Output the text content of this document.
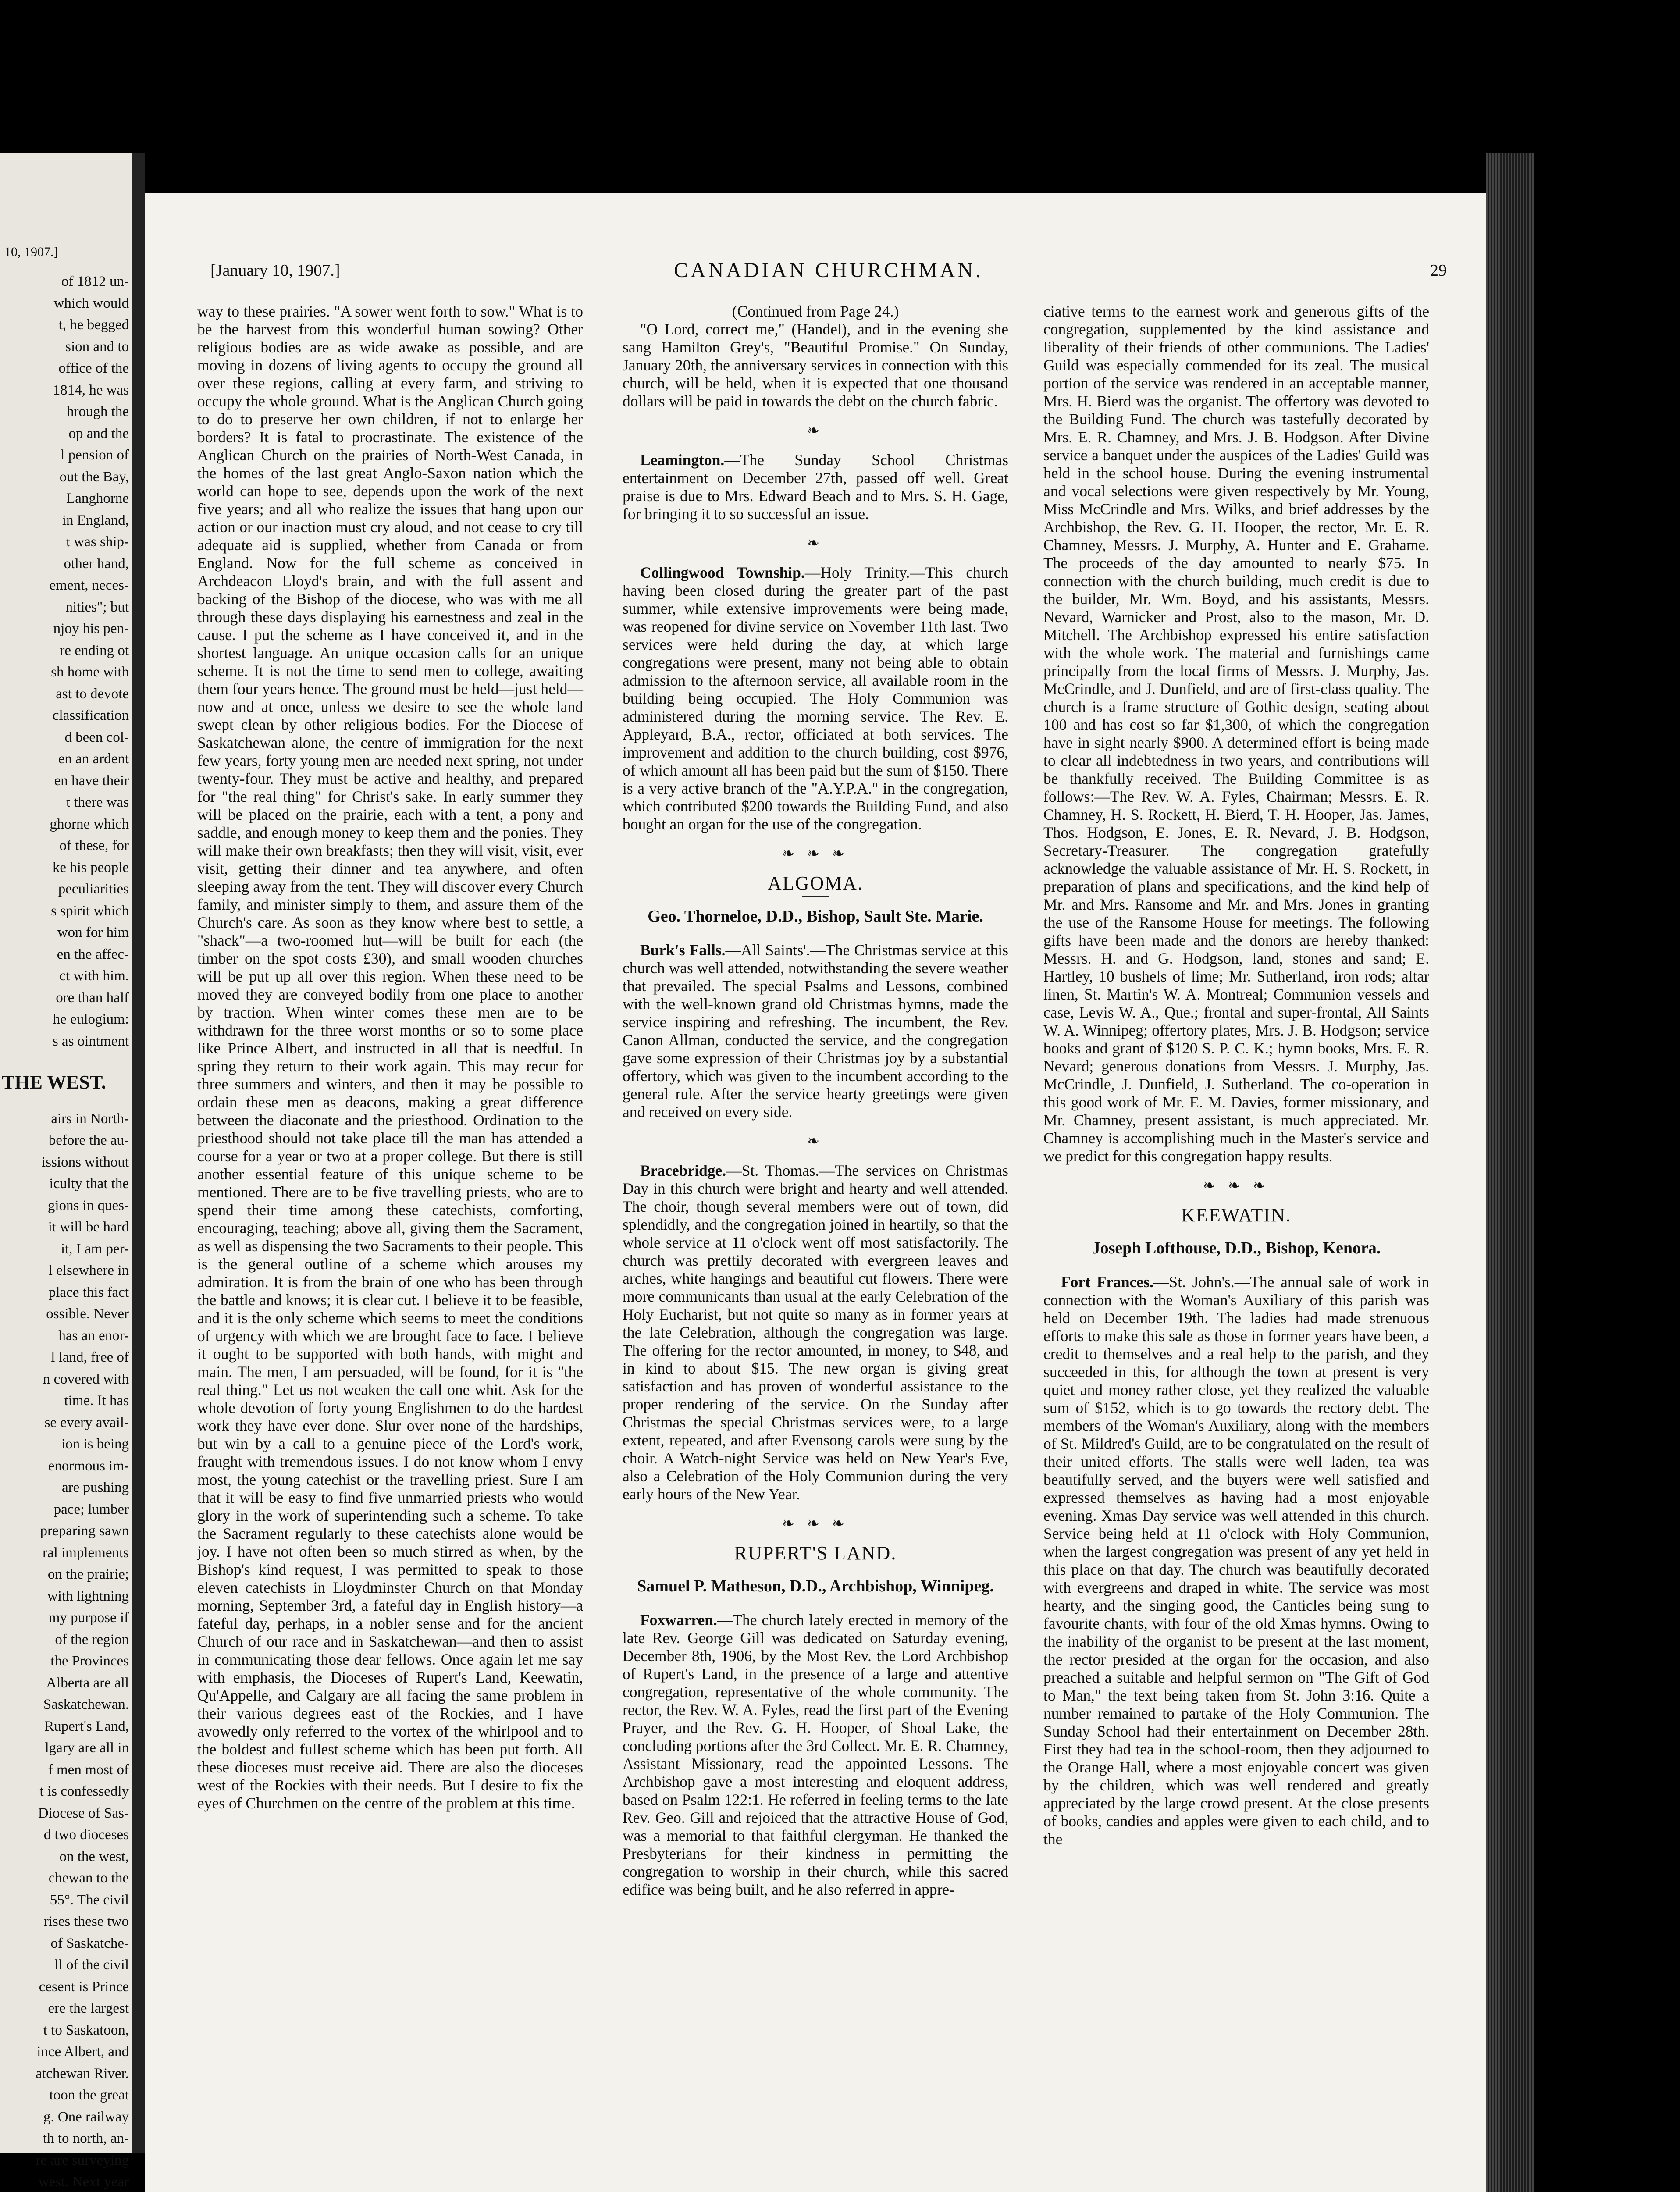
10, 1907.]
of 1812 un-
which would
t, he begged
sion and to
office of the
1814, he was
hrough the
op and the
l pension of
out the Bay,
Langhorne
in England,
t was ship-
other hand,
ement, neces-
nities"; but
njoy his pen-
re ending ot
sh home with
ast to devote
classification
d been col-
en an ardent
en have their
t there was
ghorne which
of these, for
ke his people
peculiarities
s spirit which
won for him
en the affec-
ct with him.
ore than half
he eulogium:
s as ointment
THE WEST.
airs in North-
before the au-
issions without
iculty that the
gions in ques-
it will be hard
it, I am per-
l elsewhere in
place this fact
ossible. Never
has an enor-
l land, free of
n covered with
time. It has
se every avail-
ion is being
enormous im-
are pushing
pace; lumber
preparing sawn
ral implements
on the prairie;
with lightning
my purpose if
of the region
the Provinces
Alberta are all
Saskatchewan.
Rupert's Land,
lgary are all in
f men most of
t is confessedly
Diocese of Sas-
d two dioceses
on the west,
chewan to the
55°. The civil
rises these two
of Saskatche-
ll of the civil
cesent is Prince
ere the largest
t to Saskatoon,
ince Albert, and
atchewan River.
toon the great
g. One railway
th to north, an-
re are surveying
west. Next year
[January 10, 1907.]	CANADIAN CHURCHMAN.	29

way to these prairies. "A sower went forth to sow." What is to be the harvest from this wonderful human sowing? Other religious bodies are as wide awake as possible, and are moving in dozens of living agents to occupy the ground all over these regions, calling at every farm, and striving to occupy the whole ground. What is the Anglican Church going to do to preserve her own children, if not to enlarge her borders? It is fatal to procrastinate. The existence of the Anglican Church on the prairies of North-West Canada, in the homes of the last great Anglo-Saxon nation which the world can hope to see, depends upon the work of the next five years; and all who realize the issues that hang upon our action or our inaction must cry aloud, and not cease to cry till adequate aid is supplied, whether from Canada or from England. Now for the full scheme as conceived in Archdeacon Lloyd's brain, and with the full assent and backing of the Bishop of the diocese, who was with me all through these days displaying his earnestness and zeal in the cause. I put the scheme as I have conceived it, and in the shortest language. An unique occasion calls for an unique scheme. It is not the time to send men to college, awaiting them four years hence. The ground must be held—just held—now and at once, unless we desire to see the whole land swept clean by other religious bodies. For the Diocese of Saskatchewan alone, the centre of immigration for the next few years, forty young men are needed next spring, not under twenty-four. They must be active and healthy, and prepared for "the real thing" for Christ's sake. In early summer they will be placed on the prairie, each with a tent, a pony and saddle, and enough money to keep them and the ponies. They will make their own breakfasts; then they will visit, visit, ever visit, getting their dinner and tea anywhere, and often sleeping away from the tent. They will discover every Church family, and minister simply to them, and assure them of the Church's care. As soon as they know where best to settle, a "shack"—a two-roomed hut—will be built for each (the timber on the spot costs £30), and small wooden churches will be put up all over this region. When these need to be moved they are conveyed bodily from one place to another by traction. When winter comes these men are to be withdrawn for the three worst months or so to some place like Prince Albert, and instructed in all that is needful. In spring they return to their work again. This may recur for three summers and winters, and then it may be possible to ordain these men as deacons, making a great difference between the diaconate and the priesthood. Ordination to the priesthood should not take place till the man has attended a course for a year or two at a proper college. But there is still another essential feature of this unique scheme to be mentioned. There are to be five travelling priests, who are to spend their time among these catechists, comforting, encouraging, teaching; above all, giving them the Sacrament, as well as dispensing the two Sacraments to their people. This is the general outline of a scheme which arouses my admiration. It is from the brain of one who has been through the battle and knows; it is clear cut. I believe it to be feasible, and it is the only scheme which seems to meet the conditions of urgency with which we are brought face to face. I believe it ought to be supported with both hands, with might and main. The men, I am persuaded, will be found, for it is "the real thing." Let us not weaken the call one whit. Ask for the whole devotion of forty young Englishmen to do the hardest work they have ever done. Slur over none of the hardships, but win by a call to a genuine piece of the Lord's work, fraught with tremendous issues. I do not know whom I envy most, the young catechist or the travelling priest. Sure I am that it will be easy to find five unmarried priests who would glory in the work of superintending such a scheme. To take the Sacrament regularly to these catechists alone would be joy. I have not often been so much stirred as when, by the Bishop's kind request, I was permitted to speak to those eleven catechists in Lloydminster Church on that Monday morning, September 3rd, a fateful day in English history—a fateful day, perhaps, in a nobler sense and for the ancient Church of our race and in Saskatchewan—and then to assist in communicating those dear fellows. Once again let me say with emphasis, the Dioceses of Rupert's Land, Keewatin, Qu'Appelle, and Calgary are all facing the same problem in their various degrees east of the Rockies, and I have avowedly only referred to the vortex of the whirlpool and to the boldest and fullest scheme which has been put forth. All these dioceses must receive aid. There are also the dioceses west of the Rockies with their needs. But I desire to fix the eyes of Churchmen on the centre of the problem at this time.

(Continued from Page 24.)

"O Lord, correct me," (Handel), and in the evening she sang Hamilton Grey's, "Beautiful Promise." On Sunday, January 20th, the anniversary services in connection with this church, will be held, when it is expected that one thousand dollars will be paid in towards the debt on the church fabric.

❧

Leamington.—The Sunday School Christmas entertainment on December 27th, passed off well. Great praise is due to Mrs. Edward Beach and to Mrs. S. H. Gage, for bringing it to so successful an issue.

❧

Collingwood Township.—Holy Trinity.—This church having been closed during the greater part of the past summer, while extensive improvements were being made, was reopened for divine service on November 11th last. Two services were held during the day, at which large congregations were present, many not being able to obtain admission to the afternoon service, all available room in the building being occupied. The Holy Communion was administered during the morning service. The Rev. E. Appleyard, B.A., rector, officiated at both services. The improvement and addition to the church building, cost $976, of which amount all has been paid but the sum of $150. There is a very active branch of the "A.Y.P.A." in the congregation, which contributed $200 towards the Building Fund, and also bought an organ for the use of the congregation.

❧ ❧ ❧
ALGOMA.
Geo. Thorneloe, D.D., Bishop, Sault Ste. Marie.

Burk's Falls.—All Saints'.—The Christmas service at this church was well attended, notwithstanding the severe weather that prevailed. The special Psalms and Lessons, combined with the well-known grand old Christmas hymns, made the service inspiring and refreshing. The incumbent, the Rev. Canon Allman, conducted the service, and the congregation gave some expression of their Christmas joy by a substantial offertory, which was given to the incumbent according to the general rule. After the service hearty greetings were given and received on every side.

❧

Bracebridge.—St. Thomas.—The services on Christmas Day in this church were bright and hearty and well attended. The choir, though several members were out of town, did splendidly, and the congregation joined in heartily, so that the whole service at 11 o'clock went off most satisfactorily. The church was prettily decorated with evergreen leaves and arches, white hangings and beautiful cut flowers. There were more communicants than usual at the early Celebration of the Holy Eucharist, but not quite so many as in former years at the late Celebration, although the congregation was large. The offering for the rector amounted, in money, to $48, and in kind to about $15. The new organ is giving great satisfaction and has proven of wonderful assistance to the proper rendering of the service. On the Sunday after Christmas the special Christmas services were, to a large extent, repeated, and after Evensong carols were sung by the choir. A Watch-night Service was held on New Year's Eve, also a Celebration of the Holy Communion during the very early hours of the New Year.

❧ ❧ ❧
RUPERT'S LAND.
Samuel P. Matheson, D.D., Archbishop, Winnipeg.

Foxwarren.—The church lately erected in memory of the late Rev. George Gill was dedicated on Saturday evening, December 8th, 1906, by the Most Rev. the Lord Archbishop of Rupert's Land, in the presence of a large and attentive congregation, representative of the whole community. The rector, the Rev. W. A. Fyles, read the first part of the Evening Prayer, and the Rev. G. H. Hooper, of Shoal Lake, the concluding portions after the 3rd Collect. Mr. E. R. Chamney, Assistant Missionary, read the appointed Lessons. The Archbishop gave a most interesting and eloquent address, based on Psalm 122:1. He referred in feeling terms to the late Rev. Geo. Gill and rejoiced that the attractive House of God, was a memorial to that faithful clergyman. He thanked the Presbyterians for their kindness in permitting the congregation to worship in their church, while this sacred edifice was being built, and he also referred in appre-

ciative terms to the earnest work and generous gifts of the congregation, supplemented by the kind assistance and liberality of their friends of other communions. The Ladies' Guild was especially commended for its zeal. The musical portion of the service was rendered in an acceptable manner, Mrs. H. Bierd was the organist. The offertory was devoted to the Building Fund. The church was tastefully decorated by Mrs. E. R. Chamney, and Mrs. J. B. Hodgson. After Divine service a banquet under the auspices of the Ladies' Guild was held in the school house. During the evening instrumental and vocal selections were given respectively by Mr. Young, Miss McCrindle and Mrs. Wilks, and brief addresses by the Archbishop, the Rev. G. H. Hooper, the rector, Mr. E. R. Chamney, Messrs. J. Murphy, A. Hunter and E. Grahame. The proceeds of the day amounted to nearly $75. In connection with the church building, much credit is due to the builder, Mr. Wm. Boyd, and his assistants, Messrs. Nevard, Warnicker and Prost, also to the mason, Mr. D. Mitchell. The Archbishop expressed his entire satisfaction with the whole work. The material and furnishings came principally from the local firms of Messrs. J. Murphy, Jas. McCrindle, and J. Dunfield, and are of first-class quality. The church is a frame structure of Gothic design, seating about 100 and has cost so far $1,300, of which the congregation have in sight nearly $900. A determined effort is being made to clear all indebtedness in two years, and contributions will be thankfully received. The Building Committee is as follows:—The Rev. W. A. Fyles, Chairman; Messrs. E. R. Chamney, H. S. Rockett, H. Bierd, T. H. Hooper, Jas. James, Thos. Hodgson, E. Jones, E. R. Nevard, J. B. Hodgson, Secretary-Treasurer. The congregation gratefully acknowledge the valuable assistance of Mr. H. S. Rockett, in preparation of plans and specifications, and the kind help of Mr. and Mrs. Ransome and Mr. and Mrs. Jones in granting the use of the Ransome House for meetings. The following gifts have been made and the donors are hereby thanked: Messrs. H. and G. Hodgson, land, stones and sand; E. Hartley, 10 bushels of lime; Mr. Sutherland, iron rods; altar linen, St. Martin's W. A. Montreal; Communion vessels and case, Levis W. A., Que.; frontal and super-frontal, All Saints W. A. Winnipeg; offertory plates, Mrs. J. B. Hodgson; service books and grant of $120 S. P. C. K.; hymn books, Mrs. E. R. Nevard; generous donations from Messrs. J. Murphy, Jas. McCrindle, J. Dunfield, J. Sutherland. The co-operation in this good work of Mr. E. M. Davies, former missionary, and Mr. Chamney, present assistant, is much appreciated. Mr. Chamney is accomplishing much in the Master's service and we predict for this congregation happy results.

❧ ❧ ❧
KEEWATIN.
Joseph Lofthouse, D.D., Bishop, Kenora.

Fort Frances.—St. John's.—The annual sale of work in connection with the Woman's Auxiliary of this parish was held on December 19th. The ladies had made strenuous efforts to make this sale as those in former years have been, a credit to themselves and a real help to the parish, and they succeeded in this, for although the town at present is very quiet and money rather close, yet they realized the valuable sum of $152, which is to go towards the rectory debt. The members of the Woman's Auxiliary, along with the members of St. Mildred's Guild, are to be congratulated on the result of their united efforts. The stalls were well laden, tea was beautifully served, and the buyers were well satisfied and expressed themselves as having had a most enjoyable evening. Xmas Day service was well attended in this church. Service being held at 11 o'clock with Holy Communion, when the largest congregation was present of any yet held in this place on that day. The church was beautifully decorated with evergreens and draped in white. The service was most hearty, and the singing good, the Canticles being sung to favourite chants, with four of the old Xmas hymns. Owing to the inability of the organist to be present at the last moment, the rector presided at the organ for the occasion, and also preached a suitable and helpful sermon on "The Gift of God to Man," the text being taken from St. John 3:16. Quite a number remained to partake of the Holy Communion. The Sunday School had their entertainment on December 28th. First they had tea in the school-room, then they adjourned to the Orange Hall, where a most enjoyable concert was given by the children, which was well rendered and greatly appreciated by the large crowd present. At the close presents of books, candies and apples were given to each child, and to the
